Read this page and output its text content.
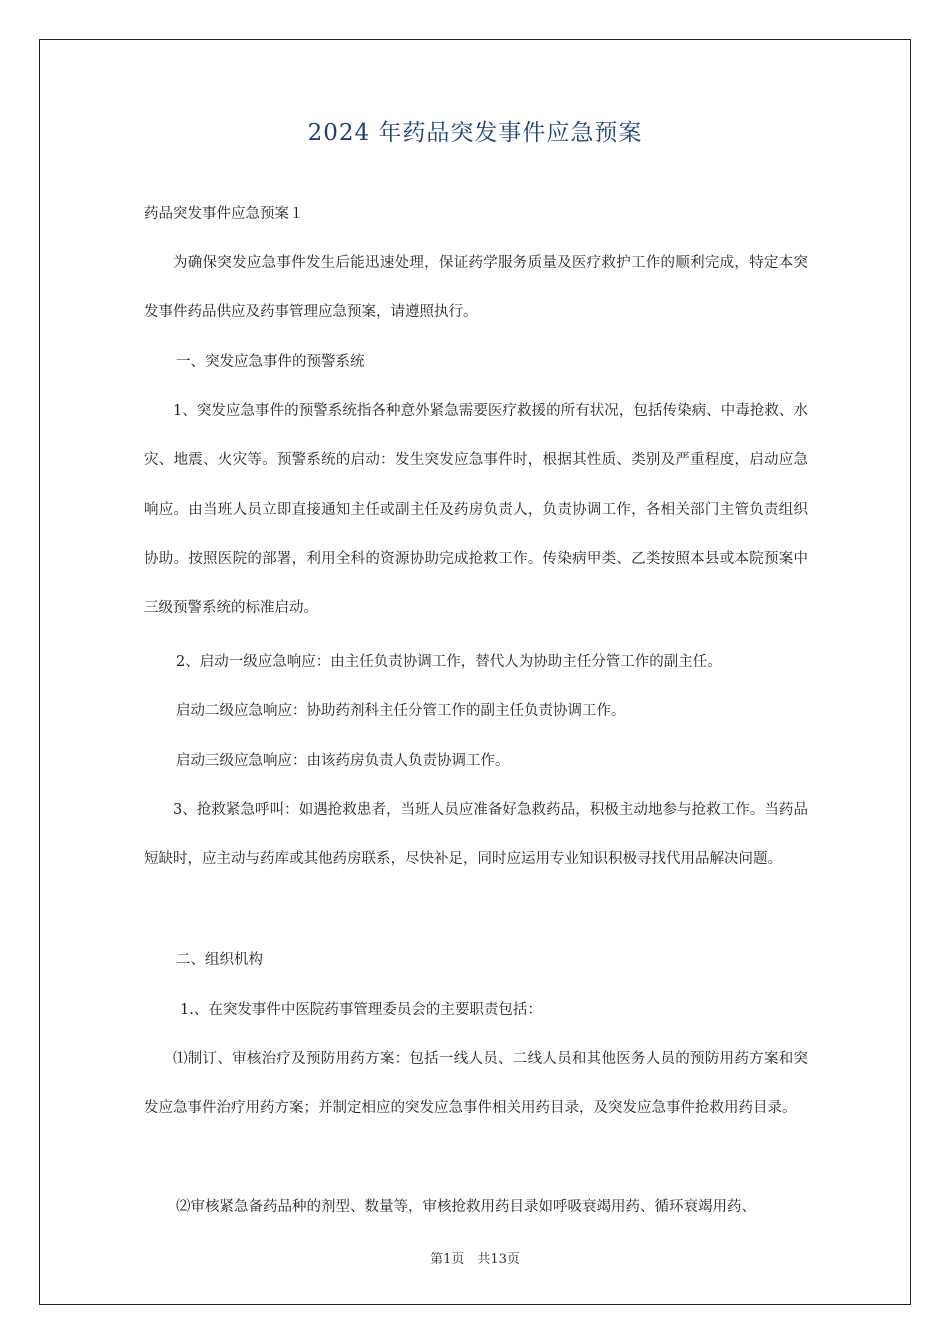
2024 年药品突发事件应急预案

药品突发事件应急预案１

为确保突发应急事件发生后能迅速处理，保证药学服务质量及医疗救护工作的顺利完成，特定本突发事件药品供应及药事管理应急预案，请遵照执行。

一、突发应急事件的预警系统

1、突发应急事件的预警系统指各种意外紧急需要医疗救援的所有状况，包括传染病、中毒抢救、水灾、地震、火灾等。预警系统的启动：发生突发应急事件时，根据其性质、类别及严重程度，启动应急响应。由当班人员立即直接通知主任或副主任及药房负责人，负责协调工作，各相关部门主管负责组织协助。按照医院的部署，利用全科的资源协助完成抢救工作。传染病甲类、乙类按照本县或本院预案中三级预警系统的标准启动。

2、启动一级应急响应：由主任负责协调工作，替代人为协助主任分管工作的副主任。

启动二级应急响应：协助药剂科主任分管工作的副主任负责协调工作。

启动三级应急响应：由该药房负责人负责协调工作。

3、抢救紧急呼叫：如遇抢救患者，当班人员应准备好急救药品，积极主动地参与抢救工作。当药品短缺时，应主动与药库或其他药房联系，尽快补足，同时应运用专业知识积极寻找代用品解决问题。

二、组织机构

1.、在突发事件中医院药事管理委员会的主要职责包括：

⑴制订、审核治疗及预防用药方案：包括一线人员、二线人员和其他医务人员的预防用药方案和突发应急事件治疗用药方案；并制定相应的突发应急事件相关用药目录，及突发应急事件抢救用药目录。

⑵审核紧急备药品种的剂型、数量等，审核抢救用药目录如呼吸衰竭用药、循环衰竭用药、

第1页　共13页
